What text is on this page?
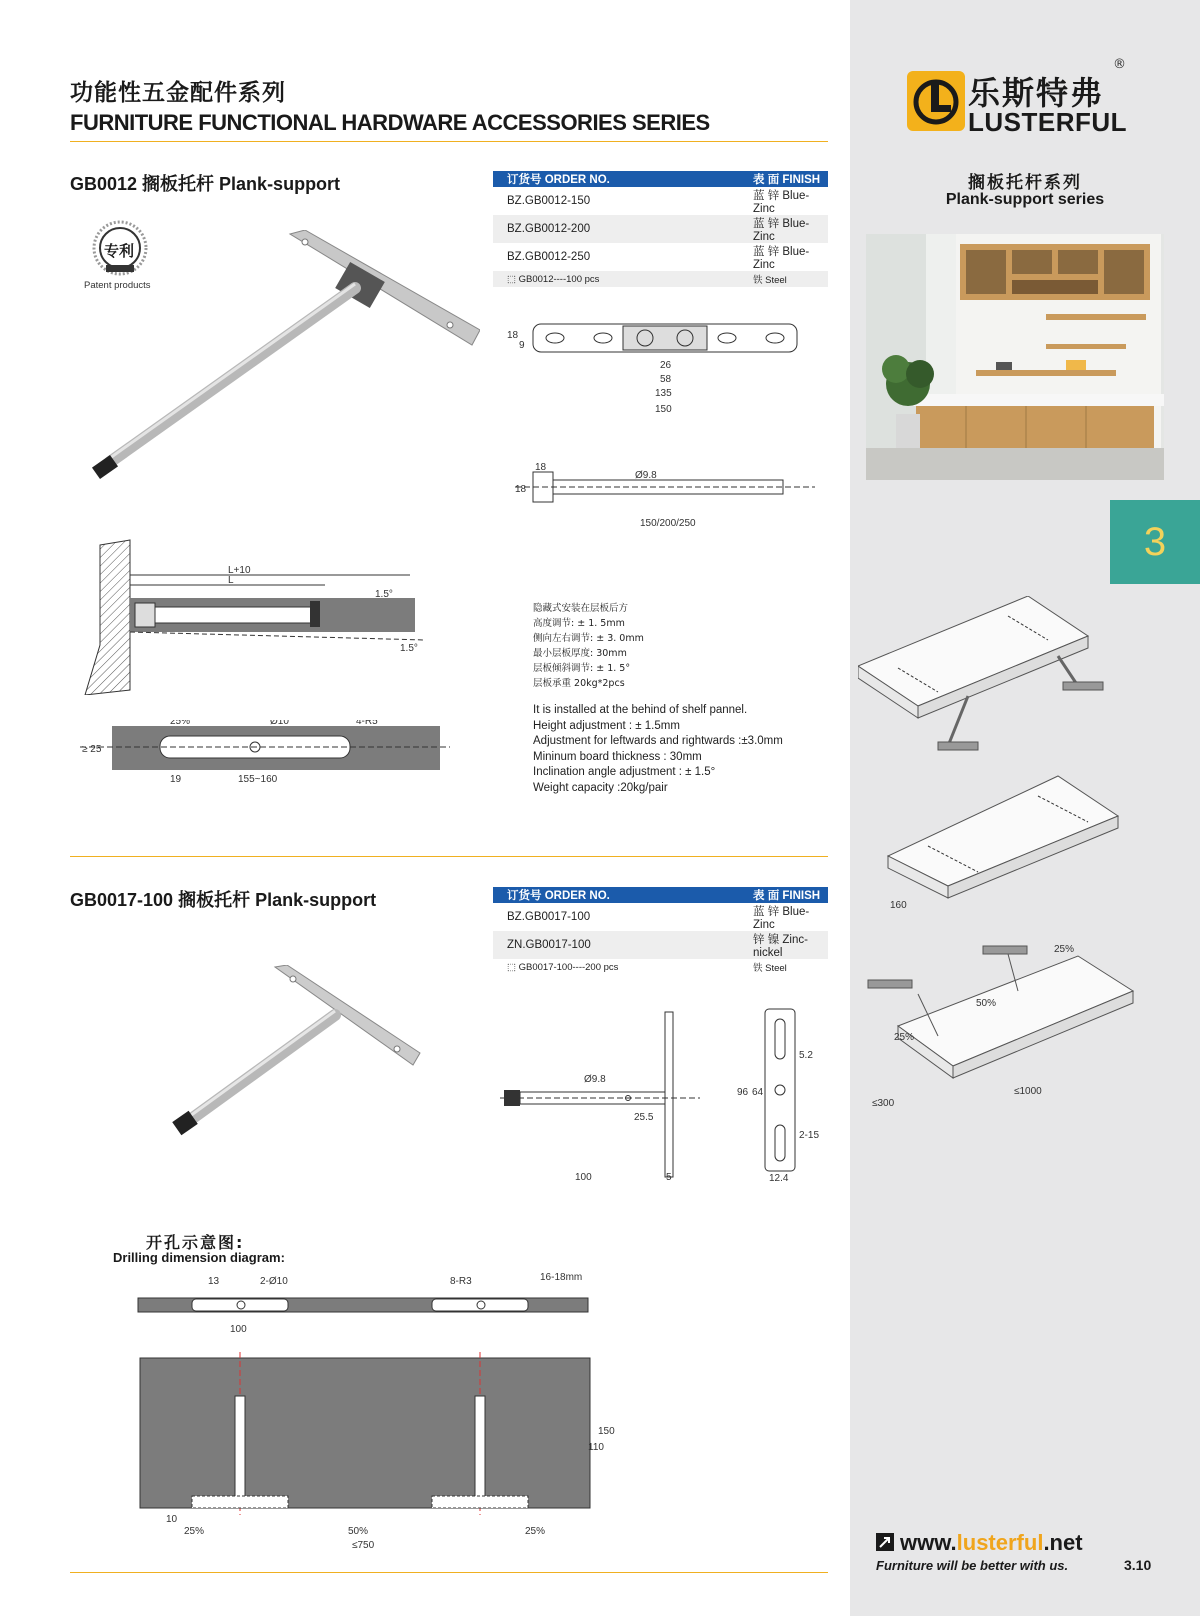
乐斯特弗
LUSTERFUL
®
搁板托杆系列
Plank-support series
3
160
25%
50%
25%
≤300
≤1000
www.lusterful.net
Furniture will be better with us.	3.10
功能性五金配件系列
FURNITURE FUNCTIONAL HARDWARE ACCESSORIES SERIES
GB0012 搁板托杆 Plank-support
专利
Patent products
L+10
L
1.5°
1.5°
25%	Ø10	4-R5
≥ 25
19	155~160
订货号 ORDER NO.	表 面 FINISH
BZ.GB0012-150	蓝 锌 Blue-Zinc
BZ.GB0012-200	蓝 锌 Blue-Zinc
BZ.GB0012-250	蓝 锌 Blue-Zinc
⬚ GB0012----100 pcs	铁 Steel
18
9
26
58
135
150
18
18
Ø9.8
150/200/250
隐藏式安装在层板后方
高度调节: ± 1. 5mm
侧向左右调节: ± 3. 0mm
最小层板厚度: 30mm
层板倾斜调节: ± 1. 5°
层板承重 20kg*2pcs
It is installed at the behind of shelf pannel.
Height adjustment : ± 1.5mm
Adjustment for leftwards and rightwards :±3.0mm
Mininum board thickness : 30mm
Inclination angle adjustment : ± 1.5°
Weight capacity :20kg/pair
GB0017-100 搁板托杆 Plank-support	订货号 ORDER NO.	表 面 FINISH
BZ.GB0017-100	蓝 锌 Blue-Zinc
ZN.GB0017-100	锌 镍 Zinc-nickel
⬚ GB0017-100----200 pcs	铁 Steel
Ø9.8
25.5
100	5
96 64
5.2
2-15
12.4
开孔示意图:
Drilling dimension diagram:
13	2-Ø10	8-R3	16-18mm
100
150
110
10
25%	50%	25%
≤750
